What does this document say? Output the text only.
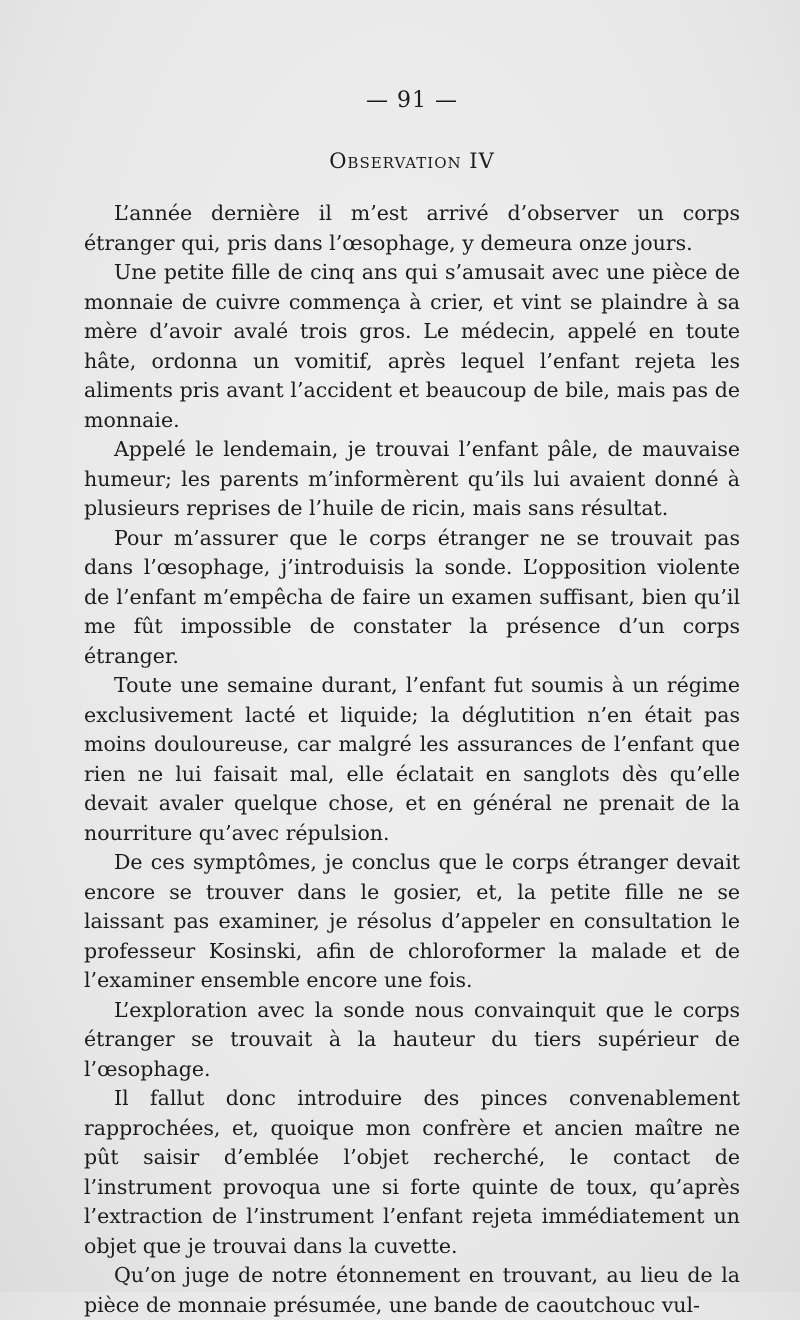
— 91 —
Observation IV

L’année dernière il m’est arrivé d’observer un corps étranger qui, pris dans l’œsophage, y demeura onze jours.

Une petite fille de cinq ans qui s’amusait avec une pièce de monnaie de cuivre commença à crier, et vint se plaindre à sa mère d’avoir avalé trois gros. Le médecin, appelé en toute hâte, ordonna un vomitif, après lequel l’enfant rejeta les aliments pris avant l’accident et beaucoup de bile, mais pas de monnaie.

Appelé le lendemain, je trouvai l’enfant pâle, de mauvaise humeur; les parents m’informèrent qu’ils lui avaient donné à plusieurs reprises de l’huile de ricin, mais sans résultat.

Pour m’assurer que le corps étranger ne se trouvait pas dans l’œsophage, j’introduisis la sonde. L’opposition violente de l’enfant m’empêcha de faire un examen suffisant, bien qu’il me fût impossible de constater la présence d’un corps étranger.

Toute une semaine durant, l’enfant fut soumis à un régime exclusivement lacté et liquide; la déglutition n’en était pas moins douloureuse, car malgré les assurances de l’enfant que rien ne lui faisait mal, elle éclatait en sanglots dès qu’elle devait avaler quelque chose, et en général ne prenait de la nourriture qu’avec répulsion.

De ces symptômes, je conclus que le corps étranger devait encore se trouver dans le gosier, et, la petite fille ne se laissant pas examiner, je résolus d’appeler en consultation le professeur Kosinski, afin de chloroformer la malade et de l’examiner ensemble encore une fois.

L’exploration avec la sonde nous convainquit que le corps étranger se trouvait à la hauteur du tiers supérieur de l’œsophage.

Il fallut donc introduire des pinces convenablement rapprochées, et, quoique mon confrère et ancien maître ne pût saisir d’emblée l’objet recherché, le contact de l’instrument provoqua une si forte quinte de toux, qu’après l’extraction de l’instrument l’enfant rejeta immédiatement un objet que je trouvai dans la cuvette.

Qu’on juge de notre étonnement en trouvant, au lieu de la pièce de monnaie présumée, une bande de caoutchouc vul-
